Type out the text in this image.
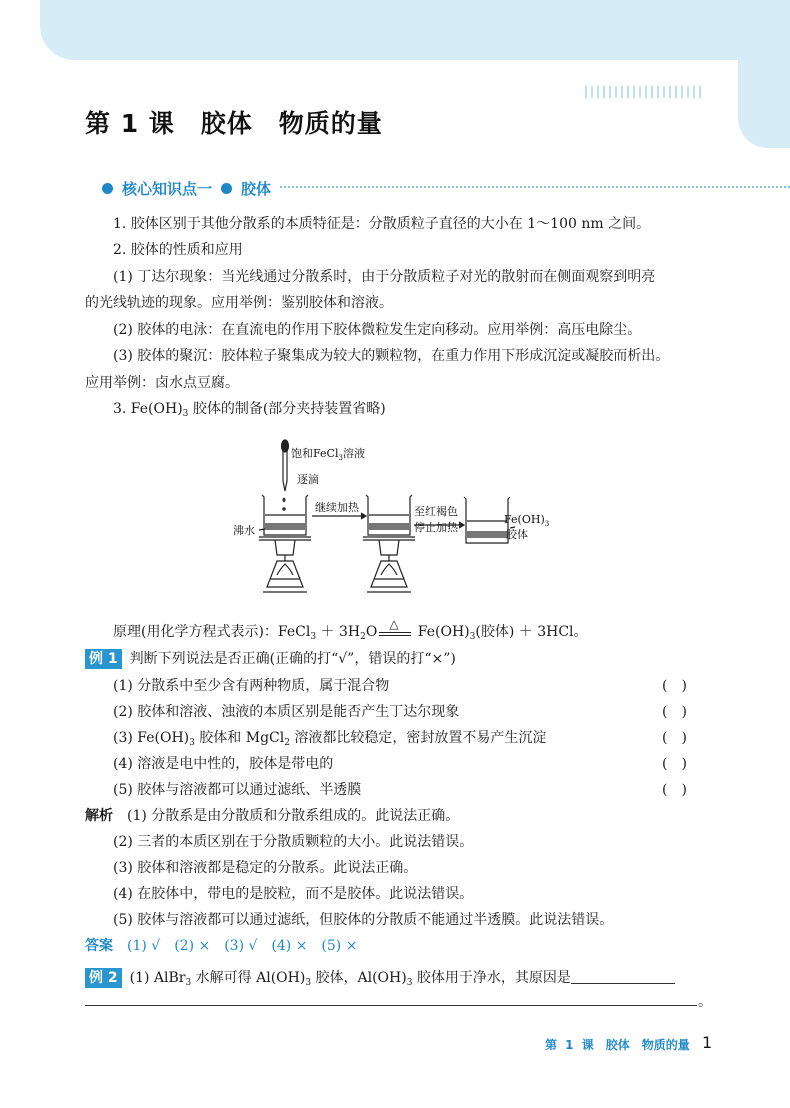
第 1 课　胶体　物质的量
核心知识点一 胶体
1. 胶体区别于其他分散系的本质特征是：分散质粒子直径的大小在 1～100 nm 之间。
2. 胶体的性质和应用
(1) 丁达尔现象：当光线通过分散系时，由于分散质粒子对光的散射而在侧面观察到明亮
的光线轨迹的现象。应用举例：鉴别胶体和溶液。
(2) 胶体的电泳：在直流电的作用下胶体微粒发生定向移动。应用举例：高压电除尘。
(3) 胶体的聚沉：胶体粒子聚集成为较大的颗粒物，在重力作用下形成沉淀或凝胶而析出。
应用举例：卤水点豆腐。
3. $Fe(OH)_3$ 胶体的制备(部分夹持装置省略)
饱和FeCl$_3$溶液
逐滴
沸水
继续加热	至红褐色
停止加热
$Fe(OH)_3$
胶体
原理(用化学方程式表示)：FeCl$_3$ ＋ $3H_2O$ △ $Fe(OH)_3$(胶体) ＋ 3HCl。
例 1 判断下列说法是否正确(正确的打“√”，错误的打“×”)
(1) 分散系中至少含有两种物质，属于混合物	(　)
(2) 胶体和溶液、浊液的本质区别是能否产生丁达尔现象	(　)
(3) $Fe(OH)_3$ 胶体和 MgCl$_2$ 溶液都比较稳定，密封放置不易产生沉淀	(　)
(4) 溶液是电中性的，胶体是带电的	(　)
(5) 胶体与溶液都可以通过滤纸、半透膜	(　)
解析　 (1) 分散系是由分散质和分散系组成的。此说法正确。
(2) 三者的本质区别在于分散质颗粒的大小。此说法错误。
(3) 胶体和溶液都是稳定的分散系。此说法正确。
(4) 在胶体中，带电的是胶粒，而不是胶体。此说法错误。
(5) 胶体与溶液都可以通过滤纸，但胶体的分散质不能通过半透膜。此说法错误。
答案　 (1) √　(2) ×　(3) √　(4) ×　(5) ×
例 2 (1) AlBr$_3$ 水解可得 $Al(OH)_3$ 胶体，$Al(OH)_3$ 胶体用于净水，其原因是
。
第 1 课　胶体　物质的量 1
